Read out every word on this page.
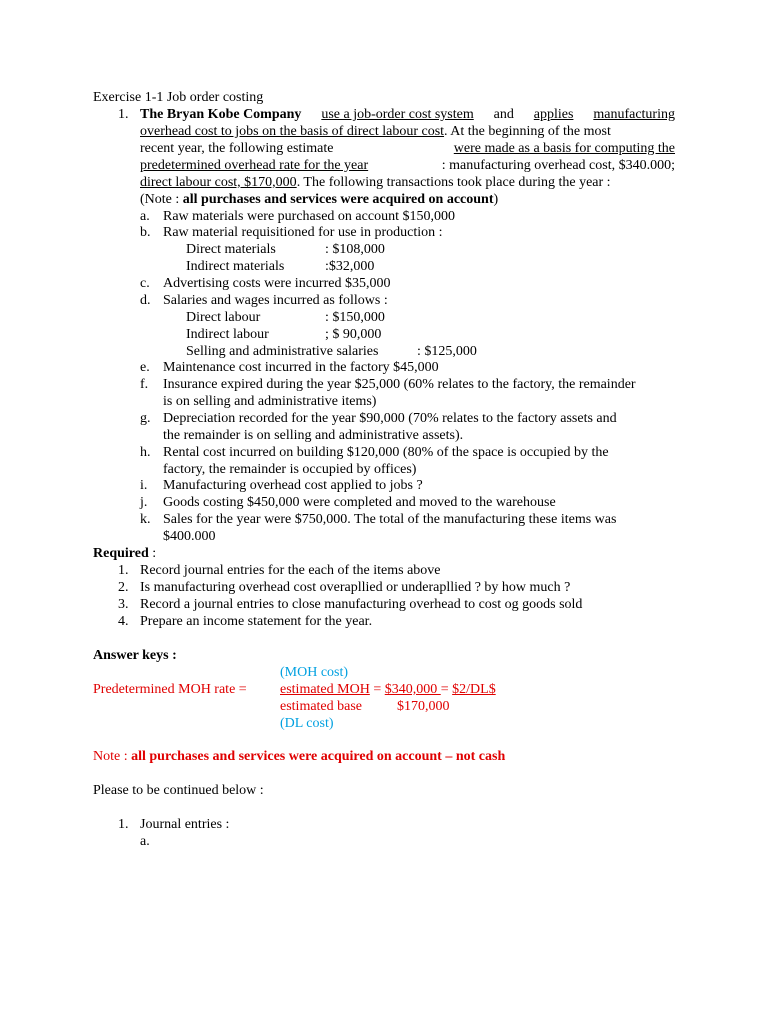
Exercise 1-1 Job order costing
1. The Bryan Kobe Company use a job-order cost system and applies manufacturing
overhead cost to jobs on the basis of direct labour cost. At the beginning of the most
recent year, the following estimate	were made as a basis for computing the
predetermined overhead rate for the year	: manufacturing overhead cost, $340.000;
direct labour cost, $170,000. The following transactions took place during the year :
(Note : all purchases and services were acquired on account)
a. Raw materials were purchased on account $150,000
b. Raw material requisitioned for use in production :
Direct materials	: $108,000
Indirect materials	:$32,000
c. Advertising costs were incurred $35,000
d. Salaries and wages incurred as follows :
Direct labour	: $150,000
Indirect labour	; $ 90,000
Selling and administrative salaries	: $125,000
e. Maintenance cost incurred in the factory $45,000
f. Insurance expired during the year $25,000 (60% relates to the factory, the remainder
is on selling and administrative items)
g. Depreciation recorded for the year $90,000 (70% relates to the factory assets and
the remainder is on selling and administrative assets).
h. Rental cost incurred on building $120,000 (80% of the space is occupied by the
factory, the remainder is occupied by offices)
i. Manufacturing overhead cost applied to jobs ?
j. Goods costing $450,000 were completed and moved to the warehouse
k. Sales for the year were $750,000. The total of the manufacturing these items was
$400.000
Required :
1. Record journal entries for the each of the items above
2. Is manufacturing overhead cost overapllied or underapllied ? by how much ?
3. Record a journal entries to close manufacturing overhead to cost og goods sold
4. Prepare an income statement for the year.
Answer keys :
(MOH cost)
Predetermined MOH rate = estimated MOH = $340,000 = $2/DL$
estimated base $170,000
(DL cost)
Note : all purchases and services were acquired on account – not cash
Please to be continued below :
1. Journal entries :
a.
